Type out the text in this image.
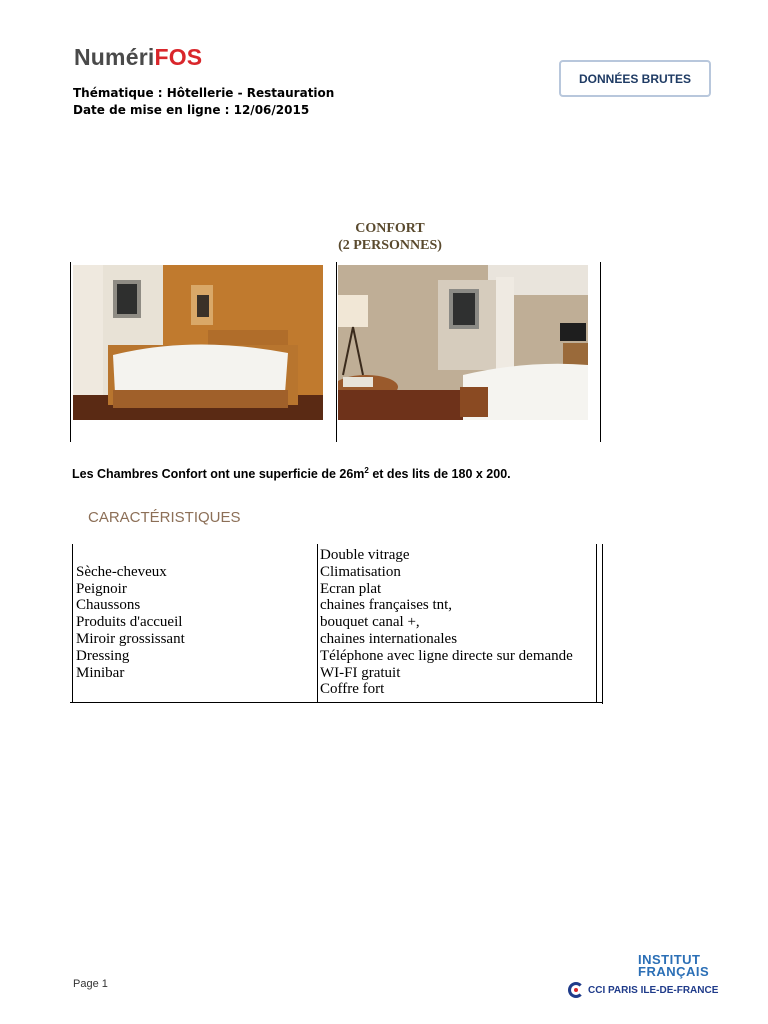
NumériFOS
Thématique : Hôtellerie - Restauration
Date de mise en ligne : 12/06/2015
DONNÉES BRUTES
CONFORT
(2 PERSONNES)
Les Chambres Confort ont une superficie de $26m^2$ et des lits de 180 x 200.
CARACTÉRISTIQUES
Sèche-cheveux
Peignoir
Chaussons
Produits d'accueil
Miroir grossissant
Dressing
Minibar
Double vitrage
Climatisation
Ecran plat
chaines françaises tnt,
bouquet canal +,
chaines internationales
Téléphone avec ligne directe sur demande
WI-FI gratuit
Coffre fort
Page 1
INSTITUT
FRANÇAIS
CCI PARIS ILE-DE-FRANCE
